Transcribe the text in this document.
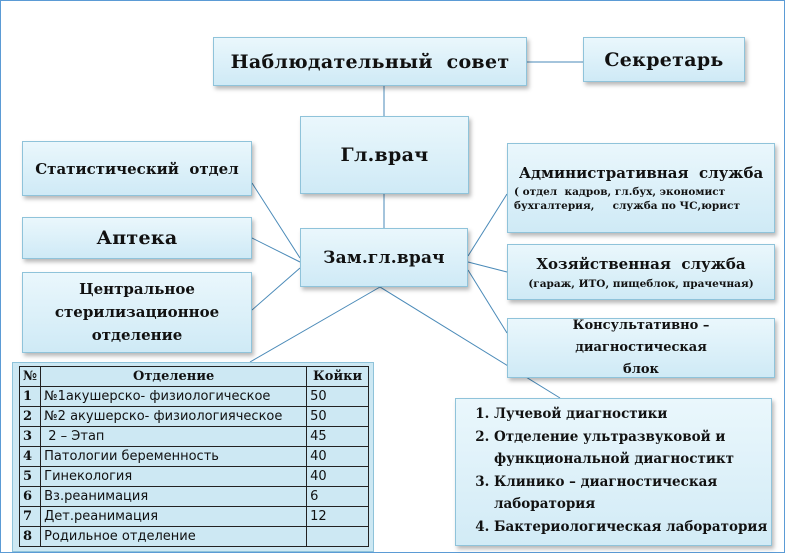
Наблюдательный  совет	Секретарь
Гл.врач
Зам.гл.врач
Статистический  отдел
Аптека
Центральное стерилизационное отделение
Административная  служба
( отдел  кадров, гл.бух, экономист бухгалтерия,     служба по ЧС,юрист
Хозяйственная  служба
(гараж, ИТО, пищеблок, прачечная)
Консультативно – диагностическая блок
№	Отделение	Койки
1	№1акушерско- физиологическое	50
2	№2 акушерско- физиологияческое	50
3	2 – Этап	45
4	Патологии беременность	40
5	Гинекология	40
6	Вз.реанимация	6
7	Дет.реанимация	12
8	Родильное отделение	
1. Лучевой диагностики
2. Отделение ультразвуковой и функциональной диагностикт
3. Клинико – диагностическая лаборатория
4. Бактериологическая лаборатория
